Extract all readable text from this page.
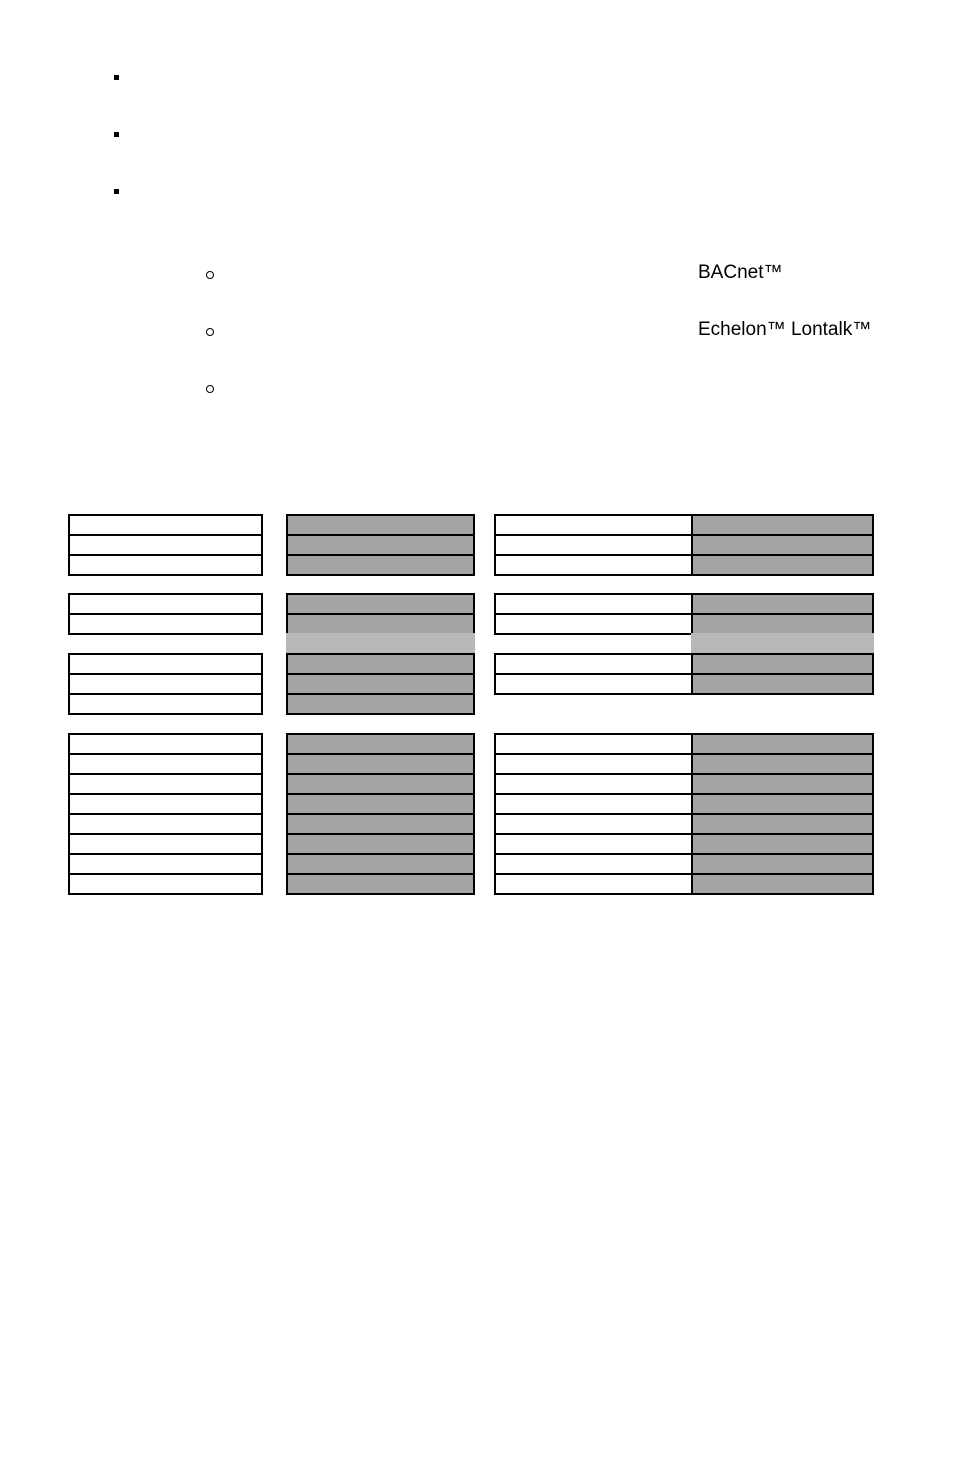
BACnet™
Echelon™ Lontalk™
